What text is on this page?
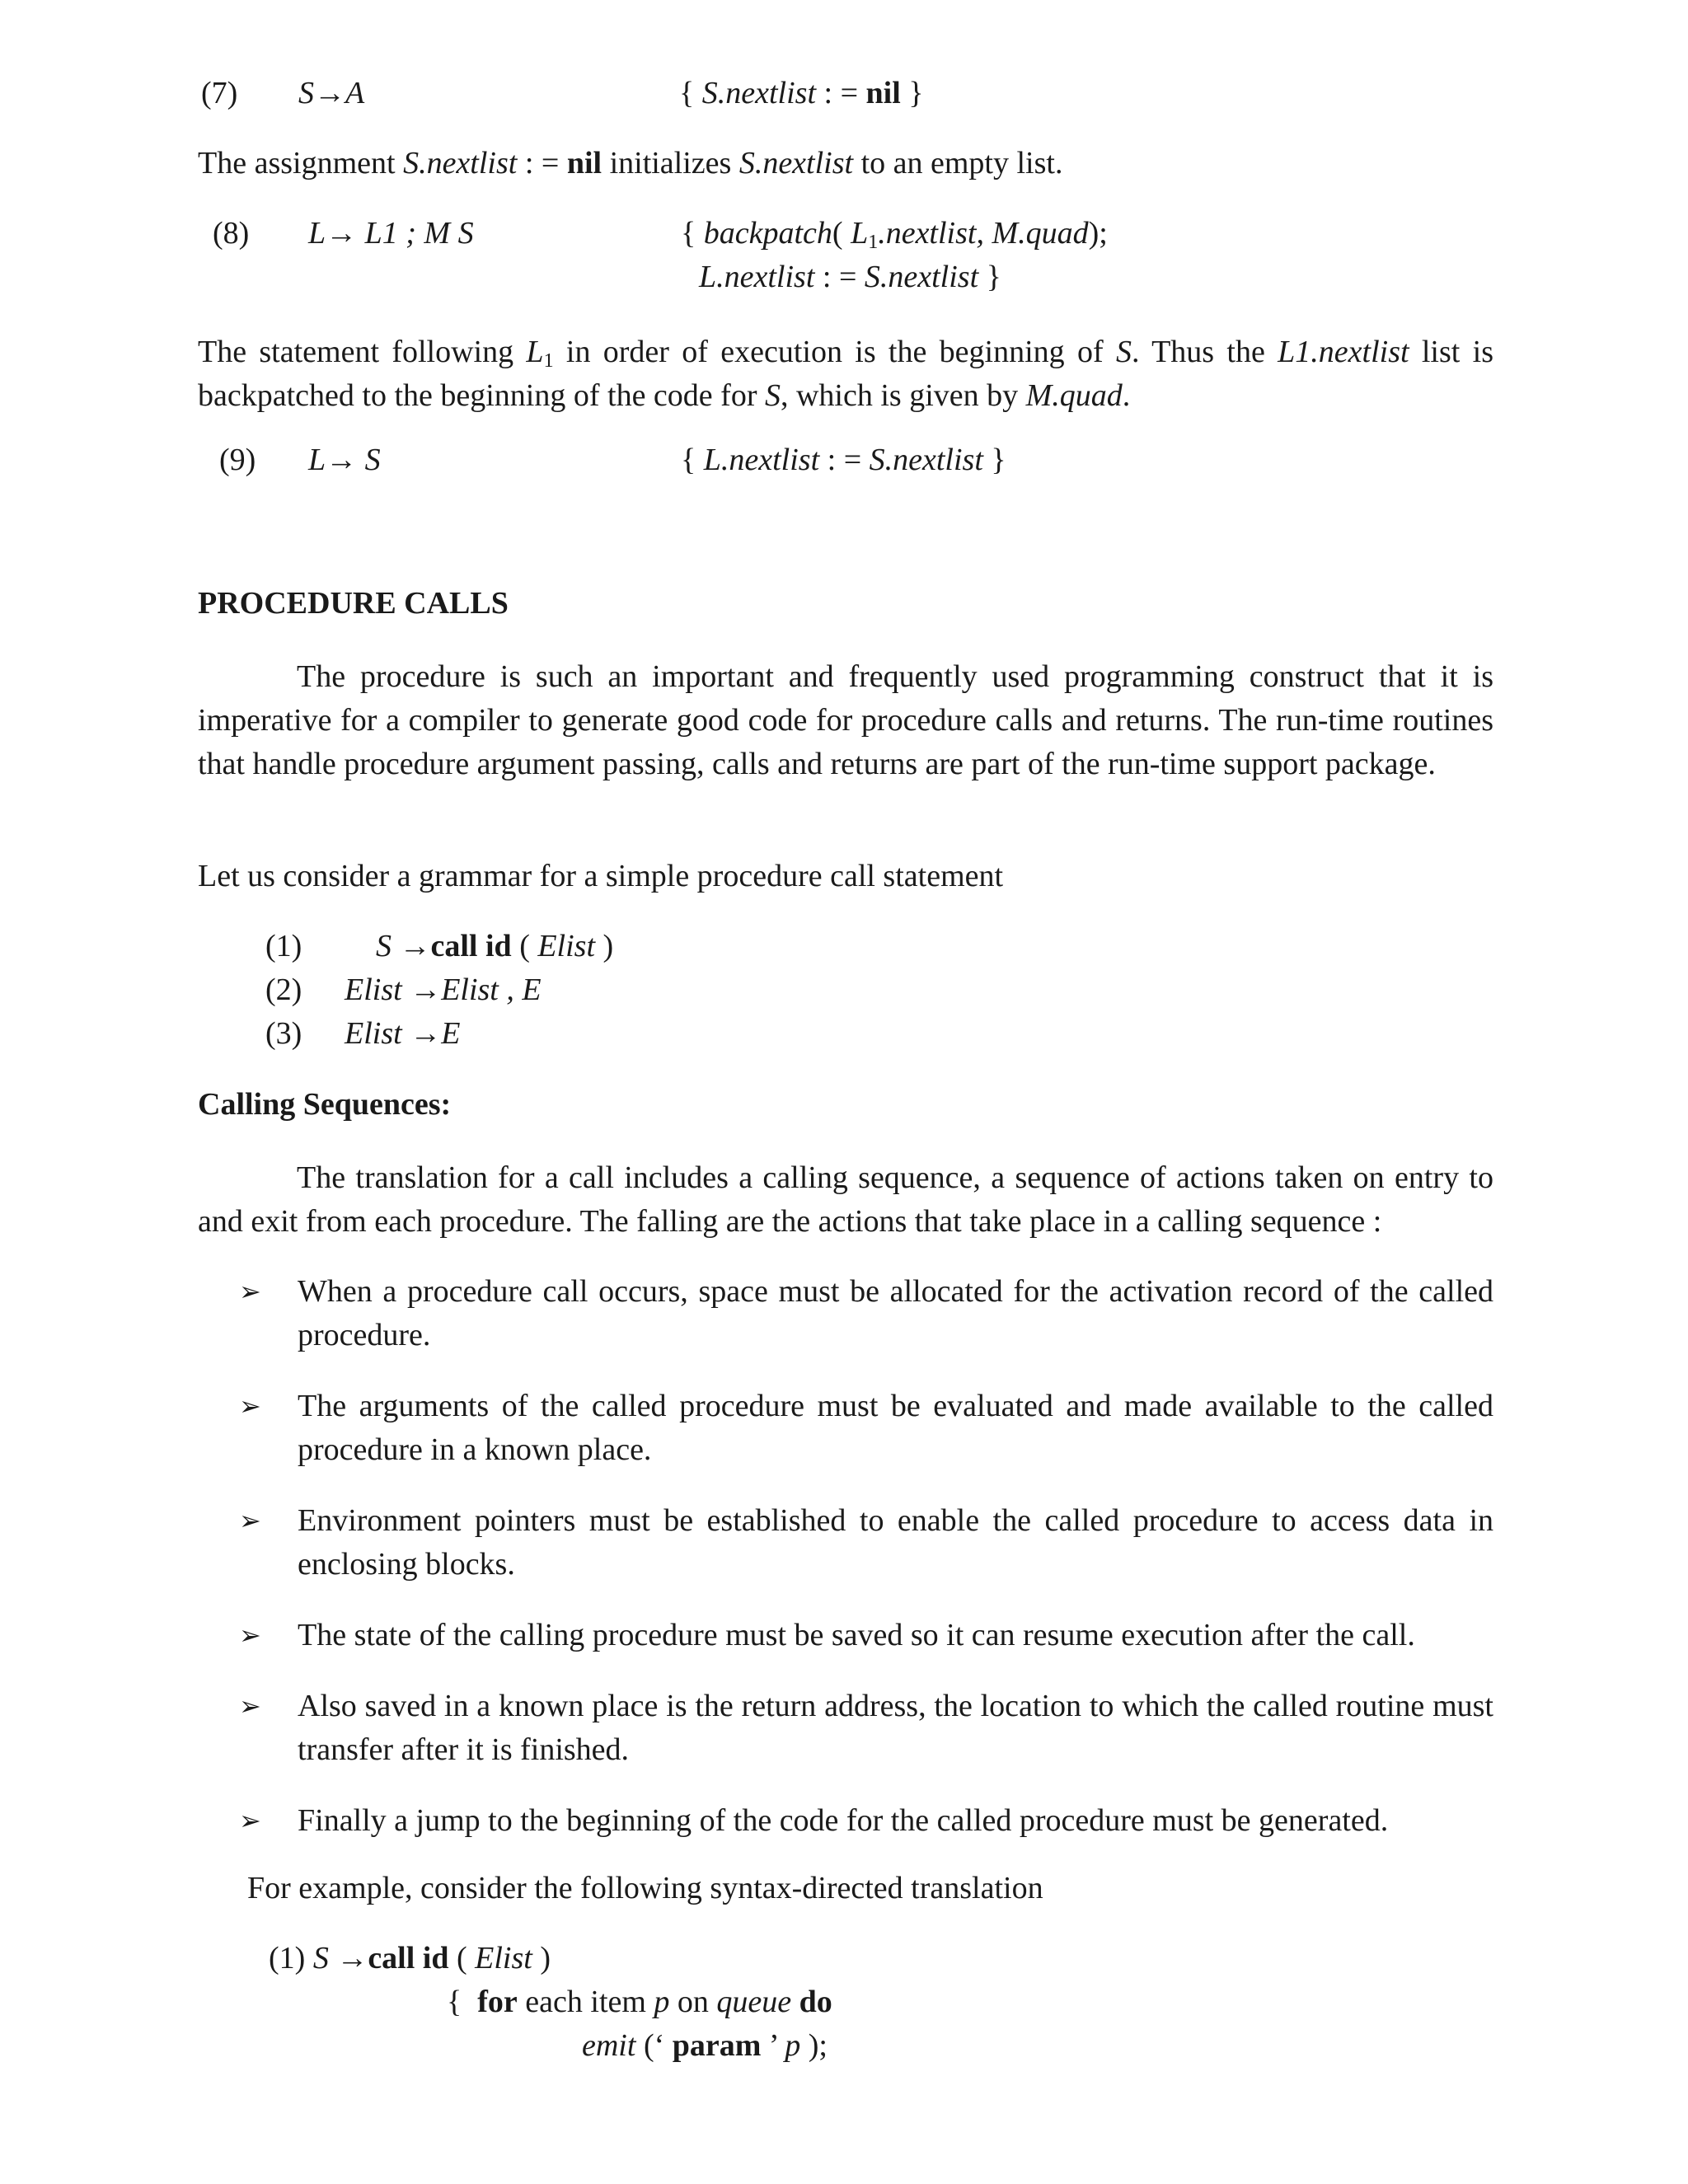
(7) S→A	{ S.nextlist : = nil }
The assignment S.nextlist : = nil initializes S.nextlist to an empty list.
(8) L→ L1 ; M S	{ backpatch( $L_1.nextlist$, M.quad);
L.nextlist : = S.nextlist }
The statement following $L_1$ in order of execution is the beginning of S. Thus the L1.nextlist list is backpatched to the beginning of the code for S, which is given by M.quad.
(9) L→ S	{ L.nextlist : = S.nextlist }
PROCEDURE CALLS
The procedure is such an important and frequently used programming construct that it is imperative for a compiler to generate good code for procedure calls and returns. The run-time routines that handle procedure argument passing, calls and returns are part of the run-time support package.
Let us consider a grammar for a simple procedure call statement
(1) S →call id ( Elist )
(2) Elist →Elist , E
(3) Elist →E
Calling Sequences:
The translation for a call includes a calling sequence, a sequence of actions taken on entry to and exit from each procedure. The falling are the actions that take place in a calling sequence :
➢ When a procedure call occurs, space must be allocated for the activation record of the called procedure.
➢ The arguments of the called procedure must be evaluated and made available to the called procedure in a known place.
➢ Environment pointers must be established to enable the called procedure to access data in enclosing blocks.
➢ The state of the calling procedure must be saved so it can resume execution after the call.
➢ Also saved in a known place is the return address, the location to which the called routine must transfer after it is finished.
➢ Finally a jump to the beginning of the code for the called procedure must be generated.
For example, consider the following syntax-directed translation
(1) S →call id ( Elist )
{ for each item p on queue do
emit (‘ param ’ p );
